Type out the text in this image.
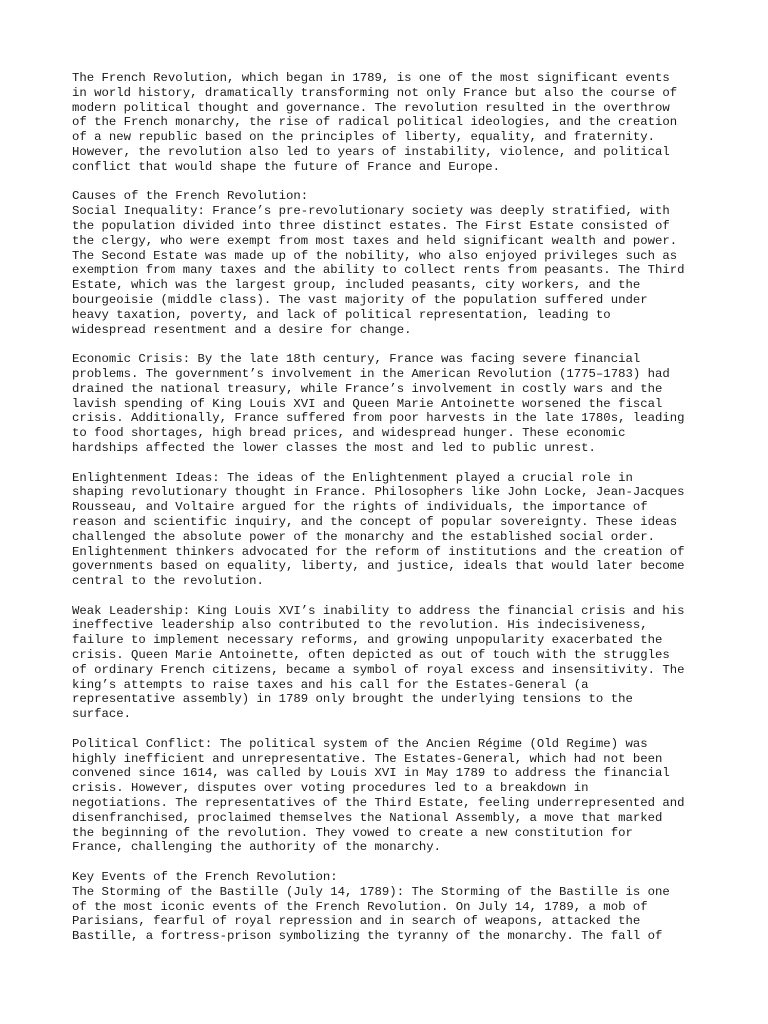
The French Revolution, which began in 1789, is one of the most significant events
in world history, dramatically transforming not only France but also the course of
modern political thought and governance. The revolution resulted in the overthrow
of the French monarchy, the rise of radical political ideologies, and the creation
of a new republic based on the principles of liberty, equality, and fraternity.
However, the revolution also led to years of instability, violence, and political
conflict that would shape the future of France and Europe.
Causes of the French Revolution:
Social Inequality: France’s pre-revolutionary society was deeply stratified, with
the population divided into three distinct estates. The First Estate consisted of
the clergy, who were exempt from most taxes and held significant wealth and power.
The Second Estate was made up of the nobility, who also enjoyed privileges such as
exemption from many taxes and the ability to collect rents from peasants. The Third
Estate, which was the largest group, included peasants, city workers, and the
bourgeoisie (middle class). The vast majority of the population suffered under
heavy taxation, poverty, and lack of political representation, leading to
widespread resentment and a desire for change.
Economic Crisis: By the late 18th century, France was facing severe financial
problems. The government’s involvement in the American Revolution (1775–1783) had
drained the national treasury, while France’s involvement in costly wars and the
lavish spending of King Louis XVI and Queen Marie Antoinette worsened the fiscal
crisis. Additionally, France suffered from poor harvests in the late 1780s, leading
to food shortages, high bread prices, and widespread hunger. These economic
hardships affected the lower classes the most and led to public unrest.
Enlightenment Ideas: The ideas of the Enlightenment played a crucial role in
shaping revolutionary thought in France. Philosophers like John Locke, Jean-Jacques
Rousseau, and Voltaire argued for the rights of individuals, the importance of
reason and scientific inquiry, and the concept of popular sovereignty. These ideas
challenged the absolute power of the monarchy and the established social order.
Enlightenment thinkers advocated for the reform of institutions and the creation of
governments based on equality, liberty, and justice, ideals that would later become
central to the revolution.
Weak Leadership: King Louis XVI’s inability to address the financial crisis and his
ineffective leadership also contributed to the revolution. His indecisiveness,
failure to implement necessary reforms, and growing unpopularity exacerbated the
crisis. Queen Marie Antoinette, often depicted as out of touch with the struggles
of ordinary French citizens, became a symbol of royal excess and insensitivity. The
king’s attempts to raise taxes and his call for the Estates-General (a
representative assembly) in 1789 only brought the underlying tensions to the
surface.
Political Conflict: The political system of the Ancien Régime (Old Regime) was
highly inefficient and unrepresentative. The Estates-General, which had not been
convened since 1614, was called by Louis XVI in May 1789 to address the financial
crisis. However, disputes over voting procedures led to a breakdown in
negotiations. The representatives of the Third Estate, feeling underrepresented and
disenfranchised, proclaimed themselves the National Assembly, a move that marked
the beginning of the revolution. They vowed to create a new constitution for
France, challenging the authority of the monarchy.
Key Events of the French Revolution:
The Storming of the Bastille (July 14, 1789): The Storming of the Bastille is one
of the most iconic events of the French Revolution. On July 14, 1789, a mob of
Parisians, fearful of royal repression and in search of weapons, attacked the
Bastille, a fortress-prison symbolizing the tyranny of the monarchy. The fall of
